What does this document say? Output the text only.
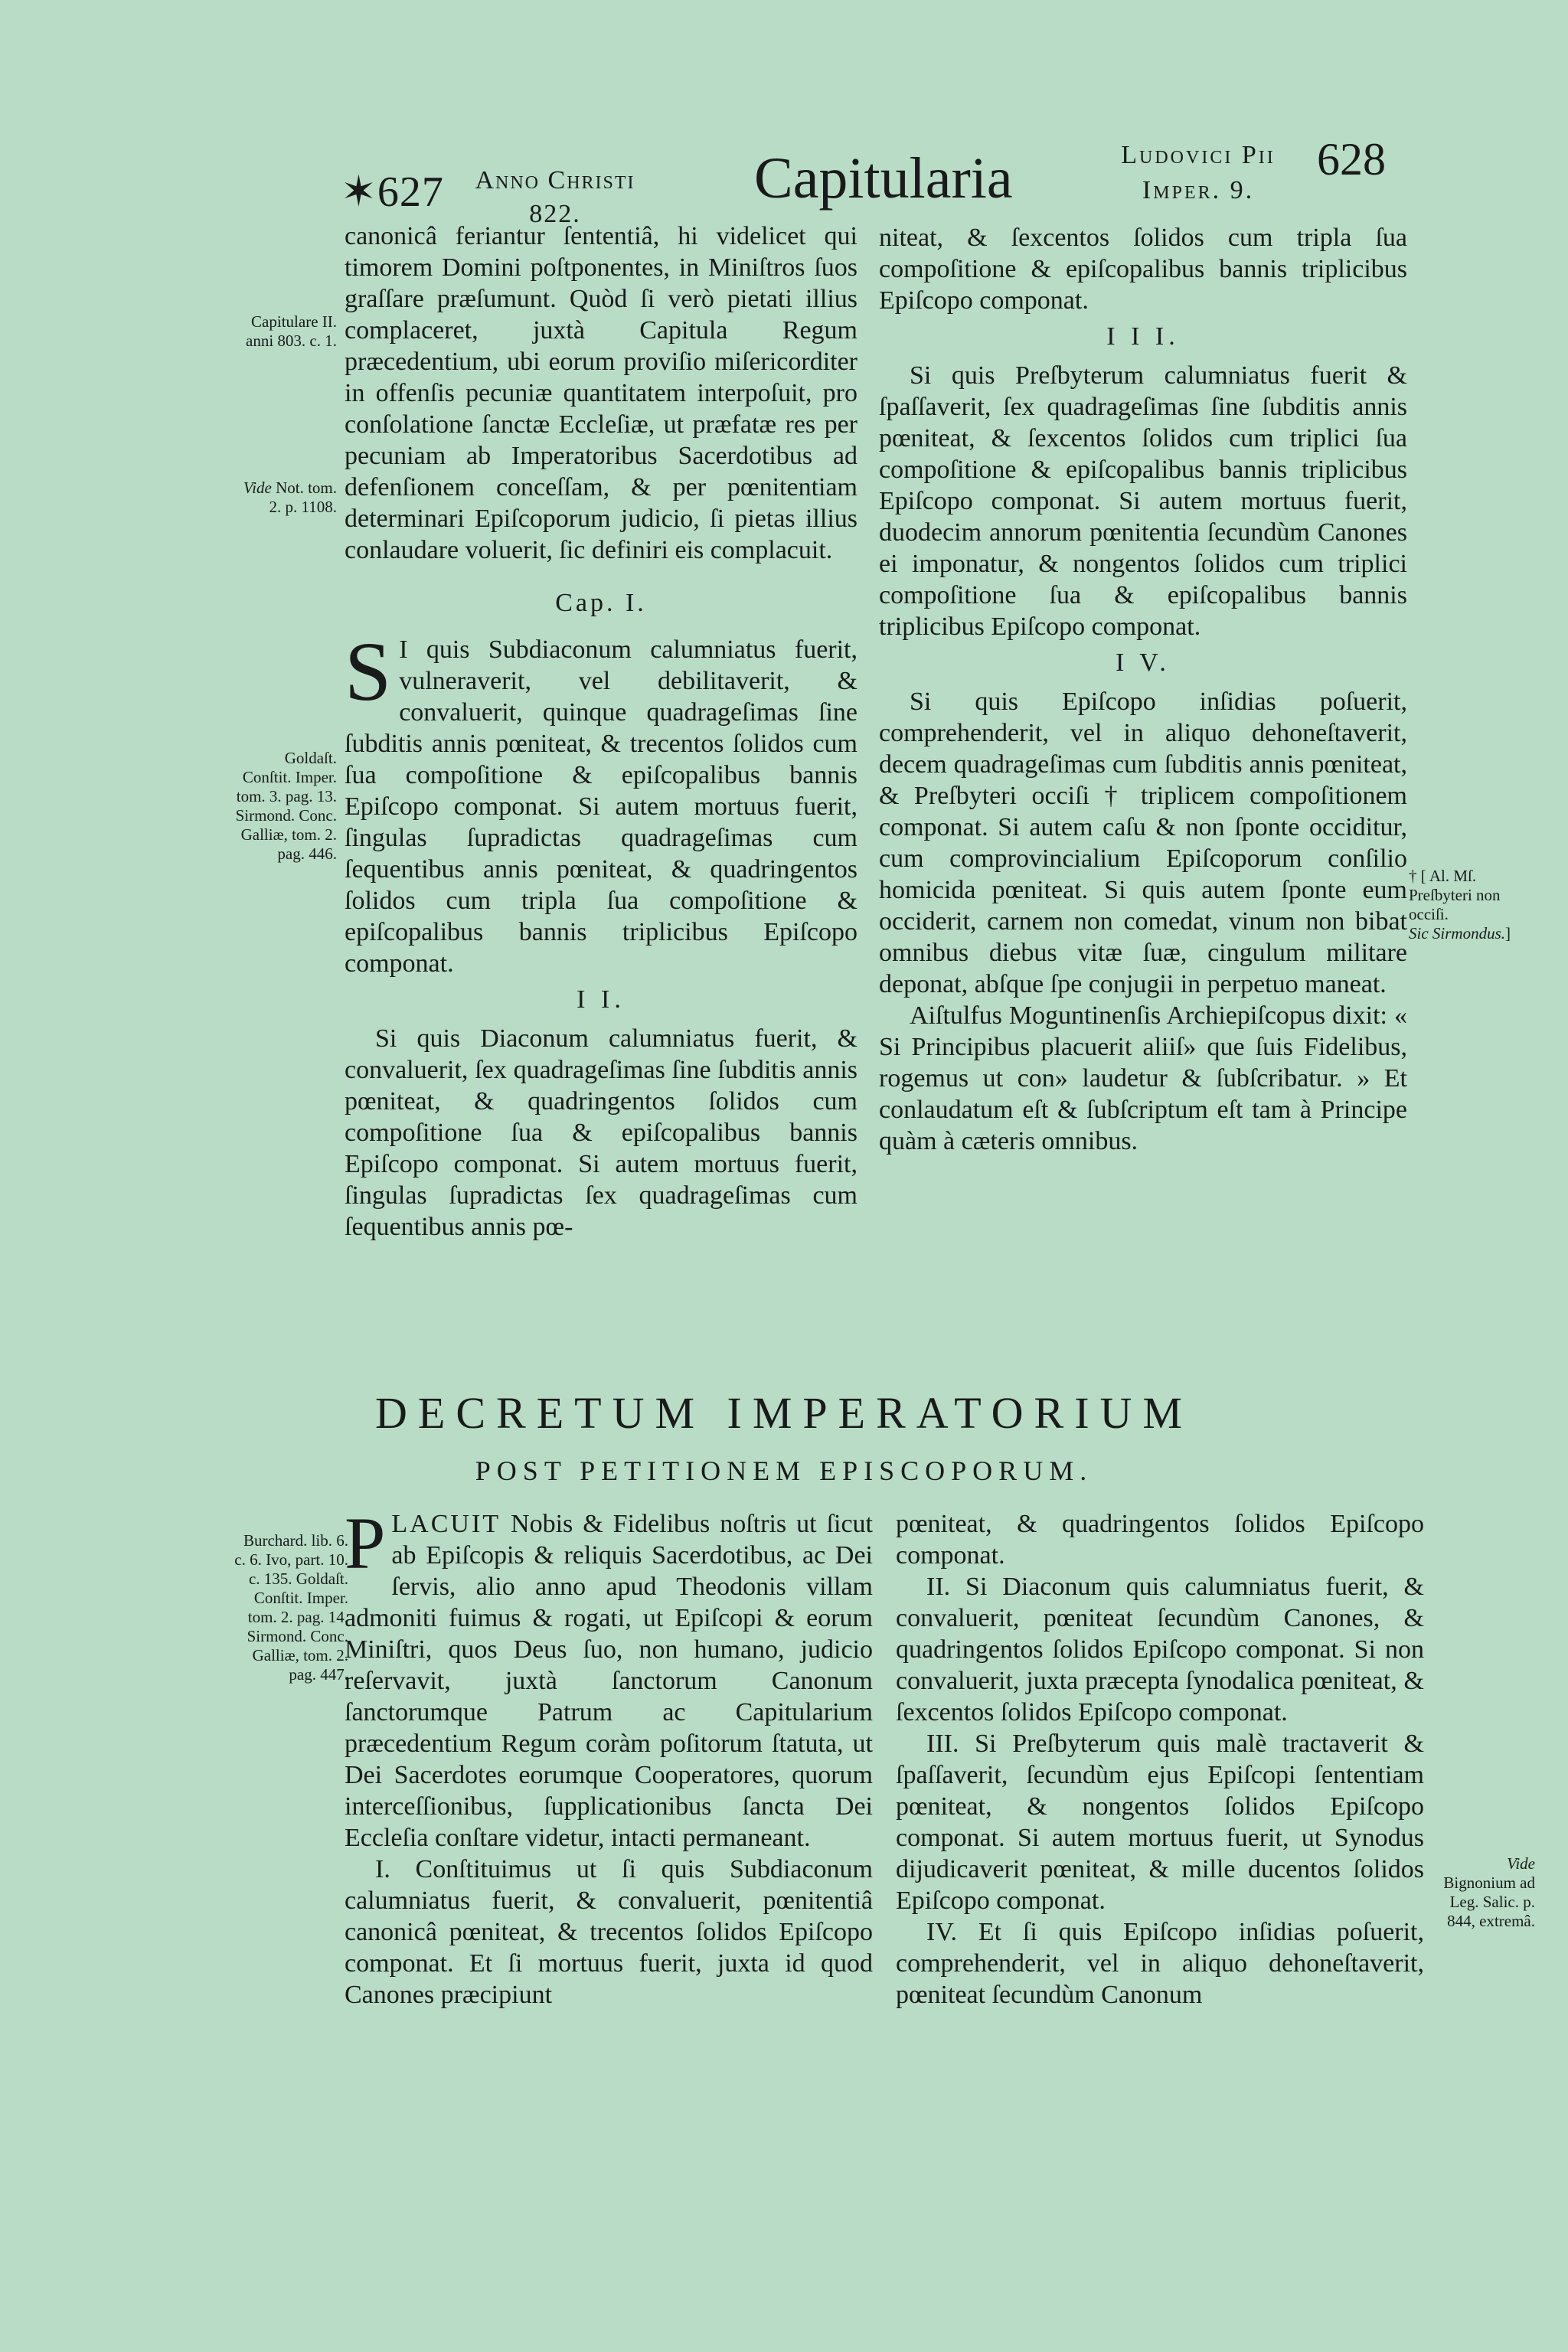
✶627	Anno Christi
822.
Capitularia	Ludovici Pii
Imper. 9.
628

canonicâ feriantur ſententiâ, hi videlicet qui timorem Domini poſtponentes, in Miniſtros ſuos graſſare præſumunt. Quòd ſi verò pietati illius complaceret, juxtà Capitula Regum præcedentium, ubi eorum proviſio miſericorditer in offenſis pecuniæ quantitatem interpoſuit, pro conſolatione ſanctæ Eccleſiæ, ut præfatæ res per pecuniam ab Imperatoribus Sacerdotibus ad defenſionem conceſſam, & per pœnitentiam determinari Epiſcoporum judicio, ſi pietas illius conlaudare voluerit, ſic definiri eis complacuit.

Cap. I.

S I quis Subdiaconum calumniatus fuerit, vulneraverit, vel debilitaverit, & convaluerit, quinque quadrageſimas ſine ſubditis annis pœniteat, & trecentos ſolidos cum ſua compoſitione & epiſcopalibus bannis Epiſcopo componat. Si autem mortuus fuerit, ſingulas ſupradictas quadrageſimas cum ſequentibus annis pœniteat, & quadringentos ſolidos cum tripla ſua compoſitione & epiſcopalibus bannis triplicibus Epiſcopo componat.

I I.

Si quis Diaconum calumniatus fuerit, & convaluerit, ſex quadrageſimas ſine ſubditis annis pœniteat, & quadringentos ſolidos cum compoſitione ſua & epiſcopalibus bannis Epiſcopo componat. Si autem mortuus fuerit, ſingulas ſupradictas ſex quadrageſimas cum ſequentibus annis pœ-

niteat, & ſexcentos ſolidos cum tripla ſua compoſitione & epiſcopalibus bannis triplicibus Epiſcopo componat.

I I I.

Si quis Preſbyterum calumniatus fuerit & ſpaſſaverit, ſex quadrageſimas ſine ſubditis annis pœniteat, & ſexcentos ſolidos cum triplici ſua compoſitione & epiſcopalibus bannis triplicibus Epiſcopo componat. Si autem mortuus fuerit, duodecim annorum pœnitentia ſecundùm Canones ei imponatur, & nongentos ſolidos cum triplici compoſitione ſua & epiſcopalibus bannis triplicibus Epiſcopo componat.

I V.

Si quis Epiſcopo inſidias poſuerit, comprehenderit, vel in aliquo dehoneſtaverit, decem quadrageſimas cum ſubditis annis pœniteat, & Preſbyteri occiſi † triplicem compoſitionem componat. Si autem caſu & non ſponte occiditur, cum comprovincialium Epiſcoporum conſilio homicida pœniteat. Si quis autem ſponte eum occiderit, carnem non comedat, vinum non bibat omnibus diebus vitæ ſuæ, cingulum militare deponat, abſque ſpe conjugii in perpetuo maneat.

Aiſtulfus Moguntinenſis Archiepiſcopus dixit: « Si Principibus placuerit aliiſ» que ſuis Fidelibus, rogemus ut con» laudetur & ſubſcribatur. » Et conlaudatum eſt & ſubſcriptum eſt tam à Principe quàm à cæteris omnibus.

DECRETUM IMPERATORIUM
POST PETITIONEM EPISCOPORUM.

PLACUIT Nobis & Fidelibus noſtris ut ſicut ab Epiſcopis & reliquis Sacerdotibus, ac Dei ſervis, alio anno apud Theodonis villam admoniti fuimus & rogati, ut Epiſcopi & eorum Miniſtri, quos Deus ſuo, non humano, judicio reſervavit, juxtà ſanctorum Canonum ſanctorumque Patrum ac Capitularium præcedentium Regum coràm poſitorum ſtatuta, ut Dei Sacerdotes eorumque Cooperatores, quorum interceſſionibus, ſupplicationibus ſancta Dei Eccleſia conſtare videtur, intacti permaneant.

I. Conſtituimus ut ſi quis Subdiaconum calumniatus fuerit, & convaluerit, pœnitentiâ canonicâ pœniteat, & trecentos ſolidos Epiſcopo componat. Et ſi mortuus fuerit, juxta id quod Canones præcipiunt

pœniteat, & quadringentos ſolidos Epiſcopo componat.

II. Si Diaconum quis calumniatus fuerit, & convaluerit, pœniteat ſecundùm Canones, & quadringentos ſolidos Epiſcopo componat. Si non convaluerit, juxta præcepta ſynodalica pœniteat, & ſexcentos ſolidos Epiſcopo componat.

III. Si Preſbyterum quis malè tractaverit & ſpaſſaverit, ſecundùm ejus Epiſcopi ſententiam pœniteat, & nongentos ſolidos Epiſcopo componat. Si autem mortuus fuerit, ut Synodus dijudicaverit pœniteat, & mille ducentos ſolidos Epiſcopo componat.

IV. Et ſi quis Epiſcopo inſidias poſuerit, comprehenderit, vel in aliquo dehoneſtaverit, pœniteat ſecundùm Canonum

Capitulare II. anni 803. c. 1.
Vide Not. tom. 2. p. 1108.
Goldaſt. Conſtit. Imper. tom. 3. pag. 13. Sirmond. Conc. Galliæ, tom. 2. pag. 446.
† [ Al. Mſ.
Preſbyteri non occiſi.
Sic Sirmondus.]
Burchard. lib. 6. c. 6. Ivo, part. 10. c. 135. Goldaſt. Conſtit. Imper. tom. 2. pag. 14. Sirmond. Conc. Galliæ, tom. 2. pag. 447.
Vide Bignonium ad Leg. Salic. p. 844, extremâ.
